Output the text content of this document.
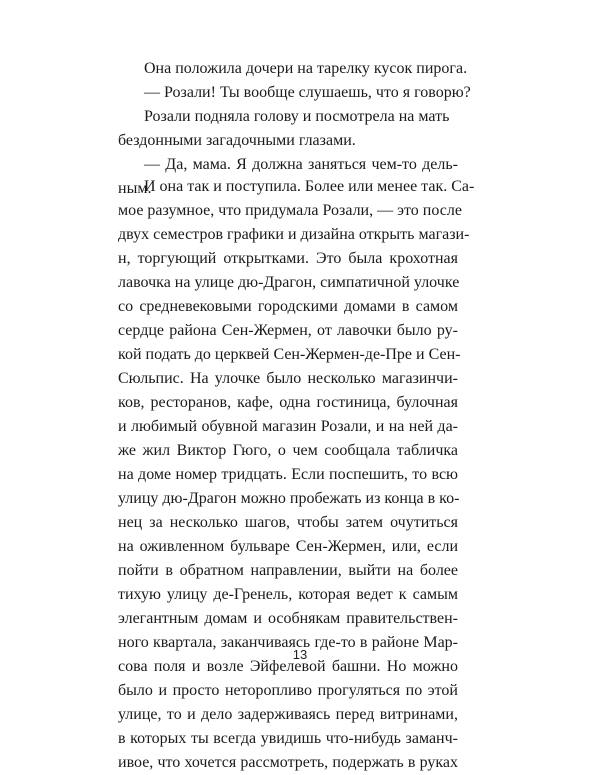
Она положила дочери на тарелку кусок пирога.
— Розали! Ты вообще слушаешь, что я говорю?
Розали подняла голову и посмотрела на мать
бездонными загадочными глазами.
— Да, мама. Я должна заняться чем-то дель-
ным.
И она так и поступила. Более или менее так. Са-
мое разумное, что придумала Розали, — это после
двух семестров графики и дизайна открыть магази-
н, торгующий открытками. Это была крохотная
лавочка на улице дю-Драгон, симпатичной улочке
со средневековыми городскими домами в самом
сердце района Сен-Жермен, от лавочки было ру-
кой подать до церквей Сен-Жермен-де-Пре и Сен-
Сюльпис. На улочке было несколько магазинчи-
ков, ресторанов, кафе, одна гостиница, булочная
и любимый обувной магазин Розали, и на ней да-
же жил Виктор Гюго, о чем сообщала табличка
на доме номер тридцать. Если поспешить, то всю
улицу дю-Драгон можно пробежать из конца в ко-
нец за несколько шагов, чтобы затем очутиться
на оживленном бульваре Сен-Жермен, или, если
пойти в обратном направлении, выйти на более
тихую улицу де-Гренель, которая ведет к самым
элегантным домам и особнякам правительствен-
ного квартала, заканчиваясь где-то в районе Мар-
сова поля и возле Эйфелевой башни. Но можно
было и просто неторопливо прогуляться по этой
улице, то и дело задерживаясь перед витринами,
в которых ты всегда увидишь что-нибудь заманч-
ивое, что хочется рассмотреть, подержать в руках
13
